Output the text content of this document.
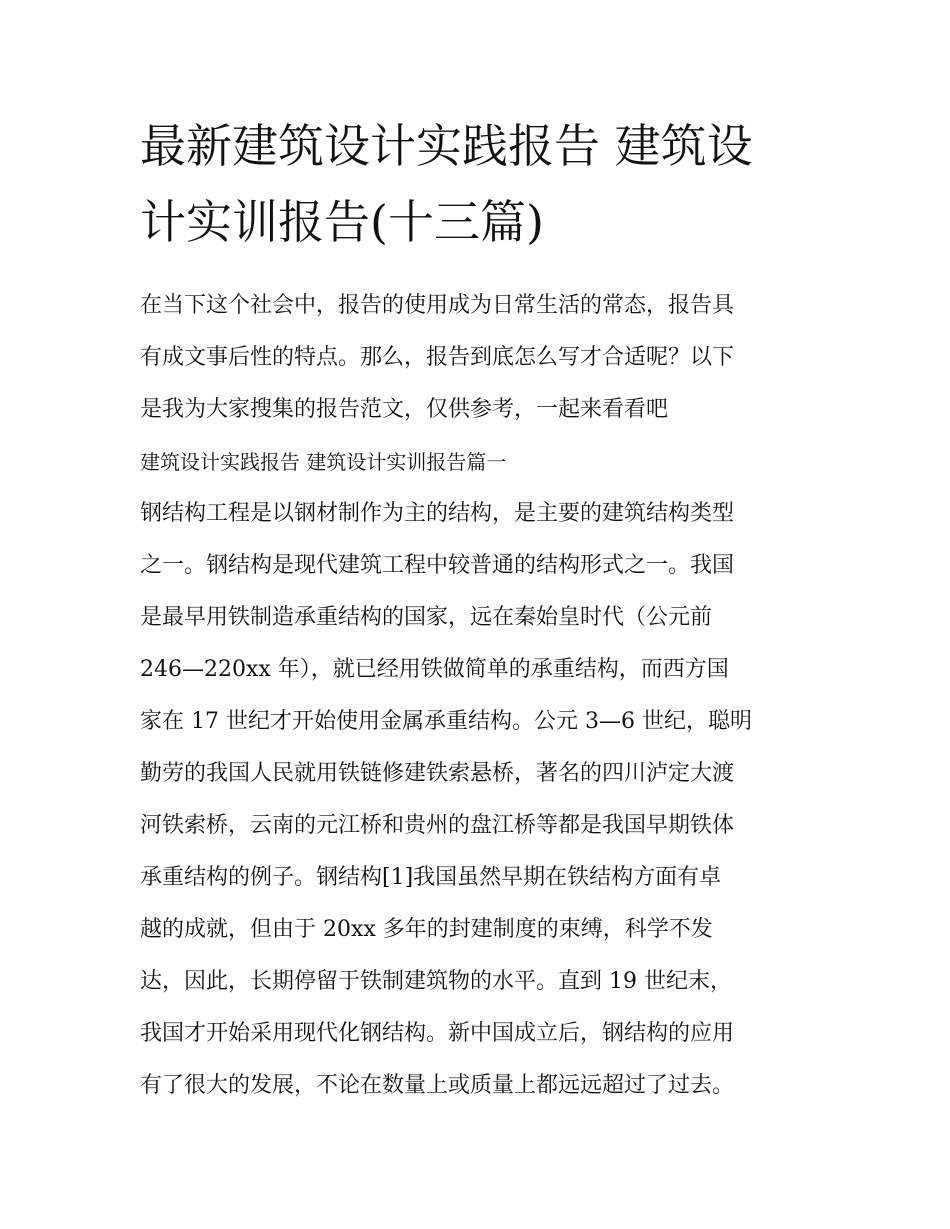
最新建筑设计实践报告 建筑设
计实训报告(十三篇)
在当下这个社会中，报告的使用成为日常生活的常态，报告具
有成文事后性的特点。那么，报告到底怎么写才合适呢？以下
是我为大家搜集的报告范文，仅供参考，一起来看看吧
建筑设计实践报告 建筑设计实训报告篇一
钢结构工程是以钢材制作为主的结构，是主要的建筑结构类型
之一。钢结构是现代建筑工程中较普通的结构形式之一。我国
是最早用铁制造承重结构的国家，远在秦始皇时代（公元前
246—220xx 年），就已经用铁做简单的承重结构，而西方国
家在 17 世纪才开始使用金属承重结构。公元 3—6 世纪，聪明
勤劳的我国人民就用铁链修建铁索悬桥，著名的四川泸定大渡
河铁索桥，云南的元江桥和贵州的盘江桥等都是我国早期铁体
承重结构的例子。钢结构[1]我国虽然早期在铁结构方面有卓
越的成就，但由于 20xx 多年的封建制度的束缚，科学不发
达，因此，长期停留于铁制建筑物的水平。直到 19 世纪末，
我国才开始采用现代化钢结构。新中国成立后，钢结构的应用
有了很大的发展，不论在数量上或质量上都远远超过了过去。
